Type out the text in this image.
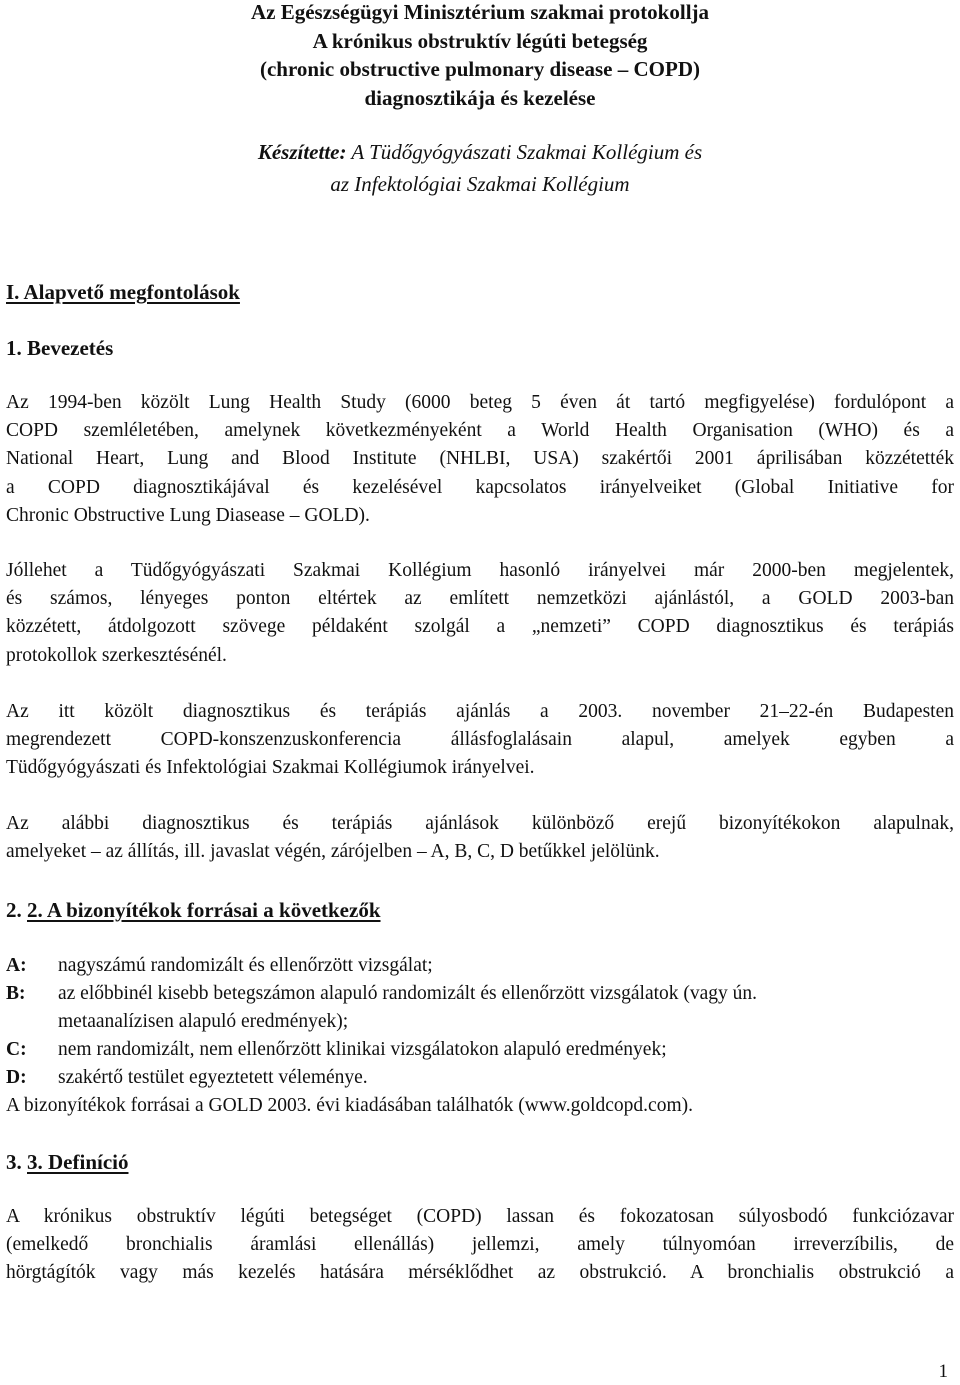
Az Egészségügyi Minisztérium szakmai protokollja
A krónikus obstruktív légúti betegség
(chronic obstructive pulmonary disease – COPD)
diagnosztikája és kezelése
Készítette: A Tüdőgyógyászati Szakmai Kollégium és
az Infektológiai Szakmai Kollégium
I. Alapvető megfontolások
1. Bevezetés
Az 1994-ben közölt Lung Health Study (6000 beteg 5 éven át tartó megfigyelése) fordulópont a
COPD szemléletében, amelynek következményeként a World Health Organisation (WHO) és a
National Heart, Lung and Blood Institute (NHLBI, USA) szakértői 2001 áprilisában közzétették
a COPD diagnosztikájával és kezelésével kapcsolatos irányelveiket (Global Initiative for
Chronic Obstructive Lung Diasease – GOLD).
Jóllehet a Tüdőgyógyászati Szakmai Kollégium hasonló irányelvei már 2000-ben megjelentek,
és számos, lényeges ponton eltértek az említett nemzetközi ajánlástól, a GOLD 2003-ban
közzétett, átdolgozott szövege példaként szolgál a „nemzeti” COPD diagnosztikus és terápiás
protokollok szerkesztésénél.
Az itt közölt diagnosztikus és terápiás ajánlás a 2003. november 21–22-én Budapesten
megrendezett COPD-konszenzuskonferencia állásfoglalásain alapul, amelyek egyben a
Tüdőgyógyászati és Infektológiai Szakmai Kollégiumok irányelvei.
Az alábbi diagnosztikus és terápiás ajánlások különböző erejű bizonyítékokon alapulnak,
amelyeket – az állítás, ill. javaslat végén, zárójelben – A, B, C, D betűkkel jelölünk.
2. 2. A bizonyítékok forrásai a következők
A: nagyszámú randomizált és ellenőrzött vizsgálat;
B: az előbbinél kisebb betegszámon alapuló randomizált és ellenőrzött vizsgálatok (vagy ún.
metaanalízisen alapuló eredmények);
C: nem randomizált, nem ellenőrzött klinikai vizsgálatokon alapuló eredmények;
D: szakértő testület egyeztetett véleménye.
A bizonyítékok forrásai a GOLD 2003. évi kiadásában találhatók (www.goldcopd.com).
3. 3. Definíció
A krónikus obstruktív légúti betegséget (COPD) lassan és fokozatosan súlyosbodó funkciózavar
(emelkedő bronchialis áramlási ellenállás) jellemzi, amely túlnyomóan irreverzíbilis, de
hörgtágítók vagy más kezelés hatására mérséklődhet az obstrukció. A bronchialis obstrukció a
1
